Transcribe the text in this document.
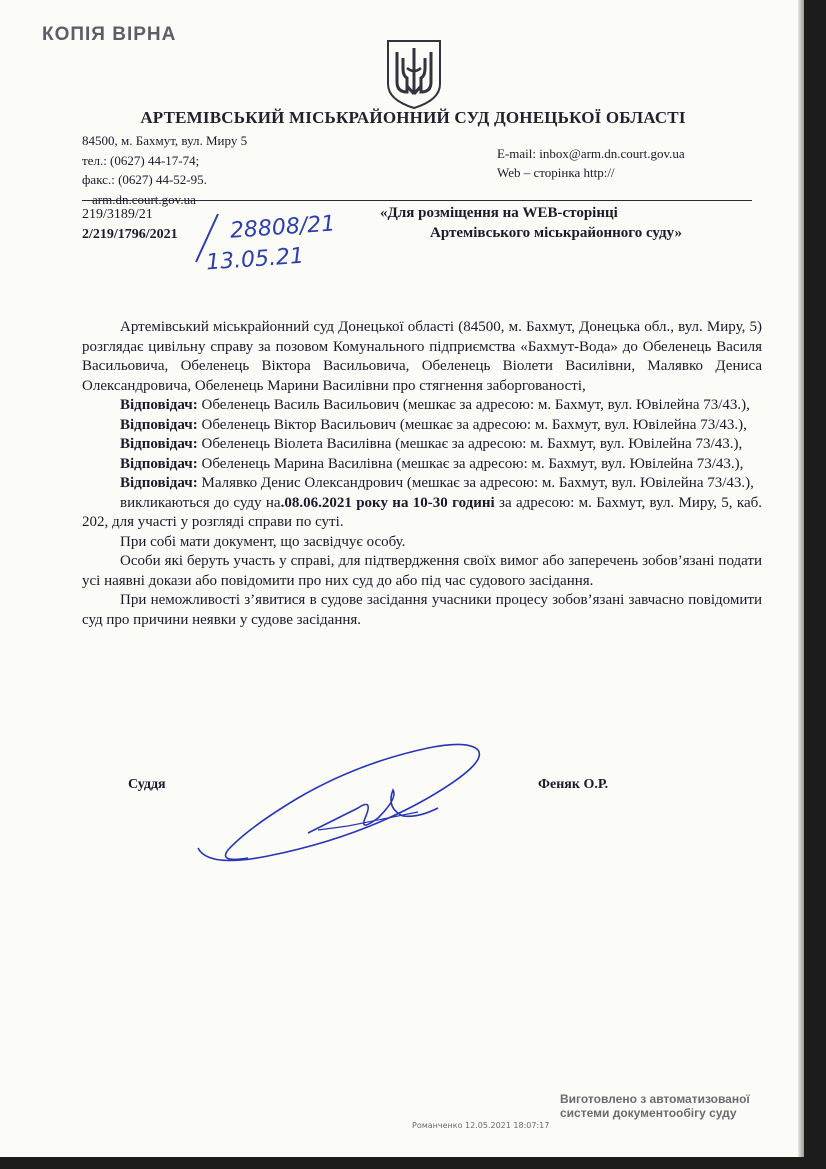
КОПІЯ ВІРНА
АРТЕМІВСЬКИЙ МІСЬКРАЙОННИЙ СУД ДОНЕЦЬКОЇ ОБЛАСТІ
84500, м. Бахмут, вул. Миру 5
тел.: (0627) 44-17-74;
факс.: (0627) 44-52-95.
arm.dn.court.gov.ua
E-mail: inbox@arm.dn.court.gov.ua
Web – сторінка http://
219/3189/21
2/219/1796/2021	28808/21
13.05.21
«Для розміщення на WEB-сторінці
Артемівського міськрайонного суду»

Артемівський міськрайонний суд Донецької області (84500, м. Бахмут, Донецька обл., вул. Миру, 5) розглядає цивільну справу за позовом Комунального підприємства «Бахмут-Вода» до Обеленець Василя Васильовича, Обеленець Віктора Васильовича, Обеленець Віолети Василівни, Малявко Дениса Олександровича, Обеленець Марини Василівни про стягнення заборгованості,

Відповідач: Обеленець Василь Васильович (мешкає за адресою: м. Бахмут, вул. Ювілейна 73/43.),

Відповідач: Обеленець Віктор Васильович (мешкає за адресою: м. Бахмут, вул. Ювілейна 73/43.),

Відповідач: Обеленець Віолета Василівна (мешкає за адресою: м. Бахмут, вул. Ювілейна 73/43.),

Відповідач: Обеленець Марина Василівна (мешкає за адресою: м. Бахмут, вул. Ювілейна 73/43.),

Відповідач: Малявко Денис Олександрович (мешкає за адресою: м. Бахмут, вул. Ювілейна 73/43.),

викликаються до суду на.08.06.2021 року на 10-30 годині за адресою: м. Бахмут, вул. Миру, 5, каб. 202, для участі у розгляді справи по суті.

При собі мати документ, що засвідчує особу.

Особи які беруть участь у справі, для підтвердження своїх вимог або заперечень зобов’язані подати усі наявні докази або повідомити про них суд до або під час судового засідання.

При неможливості з’явитися в судове засідання учасники процесу зобов’язані завчасно повідомити суд про причини неявки у судове засідання.

Суддя	Феняк О.Р.
Виготовлено з автоматизованої системи документообігу суду
Романченко 12.05.2021 18:07:17
